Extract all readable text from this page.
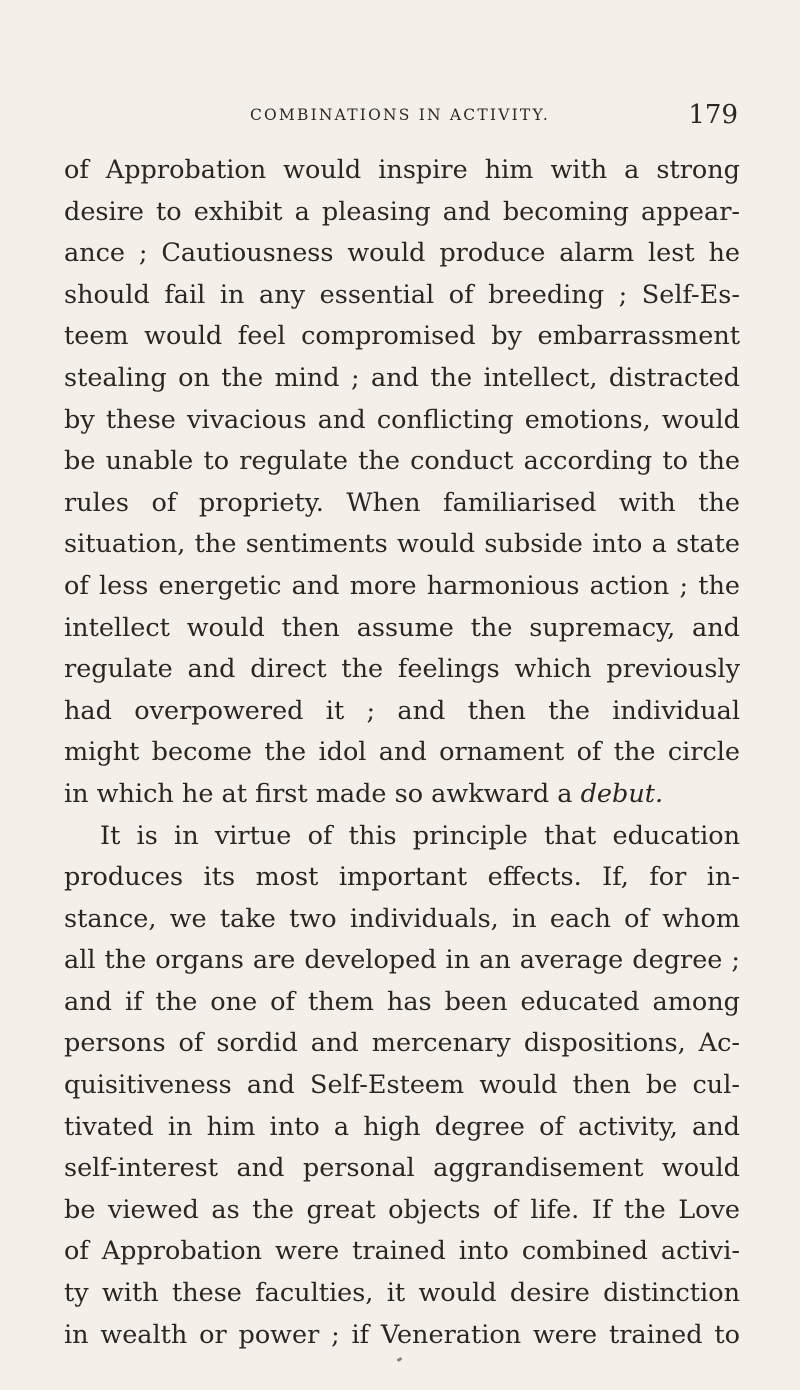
COMBINATIONS IN ACTIVITY.	179
of Approbation would inspire him with a strong
desire to exhibit a pleasing and becoming appear-
ance ; Cautiousness would produce alarm lest he
should fail in any essential of breeding ; Self-Es-
teem would feel compromised by embarrassment
stealing on the mind ; and the intellect, distracted
by these vivacious and conflicting emotions, would
be unable to regulate the conduct according to the
rules of propriety. When familiarised with the
situation, the sentiments would subside into a state
of less energetic and more harmonious action ; the
intellect would then assume the supremacy, and
regulate and direct the feelings which previously
had overpowered it ; and then the individual
might become the idol and ornament of the circle
in which he at first made so awkward a debut.
It is in virtue of this principle that education
produces its most important effects. If, for in-
stance, we take two individuals, in each of whom
all the organs are developed in an average degree ;
and if the one of them has been educated among
persons of sordid and mercenary dispositions, Ac-
quisitiveness and Self-Esteem would then be cul-
tivated in him into a high degree of activity, and
self-interest and personal aggrandisement would
be viewed as the great objects of life. If the Love
of Approbation were trained into combined activi-
ty with these faculties, it would desire distinction
in wealth or power ; if Veneration were trained to
